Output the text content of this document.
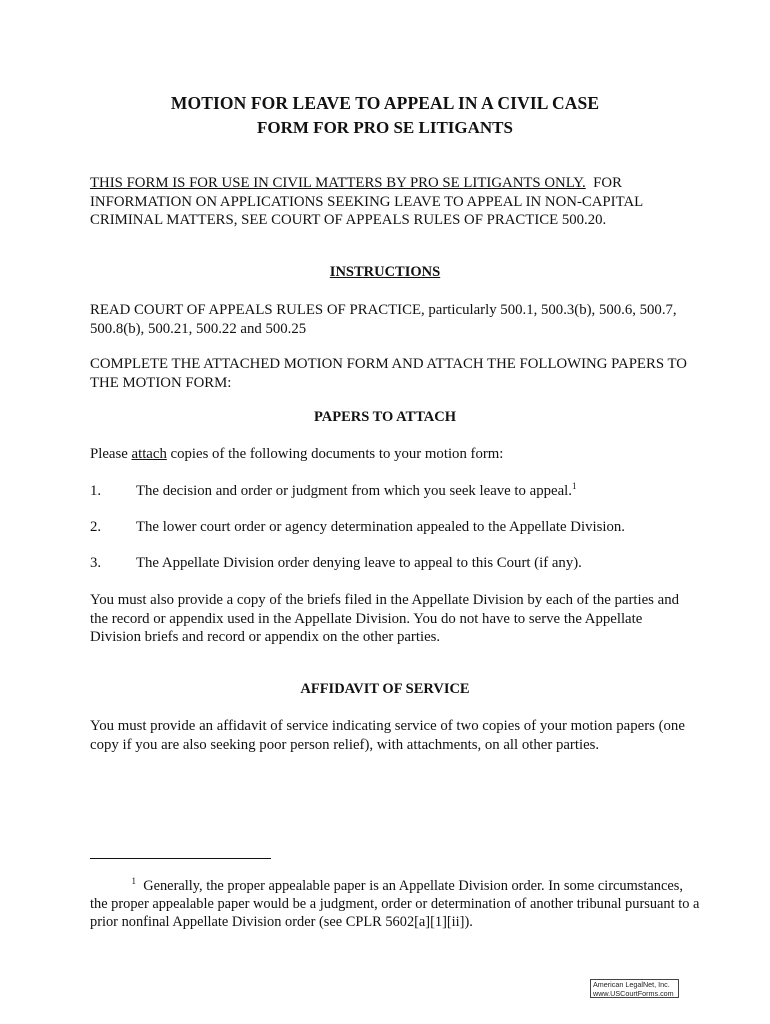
MOTION FOR LEAVE TO APPEAL IN A CIVIL CASE
FORM FOR PRO SE LITIGANTS
THIS FORM IS FOR USE IN CIVIL MATTERS BY PRO SE LITIGANTS ONLY.  FOR INFORMATION ON APPLICATIONS SEEKING LEAVE TO APPEAL IN NON-CAPITAL CRIMINAL MATTERS, SEE COURT OF APPEALS RULES OF PRACTICE 500.20.
INSTRUCTIONS
READ COURT OF APPEALS RULES OF PRACTICE, particularly 500.1, 500.3(b), 500.6, 500.7, 500.8(b), 500.21, 500.22 and 500.25
COMPLETE THE ATTACHED MOTION FORM AND ATTACH THE FOLLOWING PAPERS TO THE MOTION FORM:
PAPERS TO ATTACH
Please attach copies of the following documents to your motion form:
1. The decision and order or judgment from which you seek leave to appeal.$^1$
2. The lower court order or agency determination appealed to the Appellate Division.
3. The Appellate Division order denying leave to appeal to this Court (if any).
You must also provide a copy of the briefs filed in the Appellate Division by each of the parties and the record or appendix used in the Appellate Division. You do not have to serve the Appellate Division briefs and record or appendix on the other parties.
AFFIDAVIT OF SERVICE
You must provide an affidavit of service indicating service of two copies of your motion papers (one copy if you are also seeking poor person relief), with attachments, on all other parties.
$^1$ Generally, the proper appealable paper is an Appellate Division order. In some circumstances, the proper appealable paper would be a judgment, order or determination of another tribunal pursuant to a prior nonfinal Appellate Division order (see CPLR 5602[a][1][ii]).
American LegalNet, Inc.
www.USCourtForms.com
